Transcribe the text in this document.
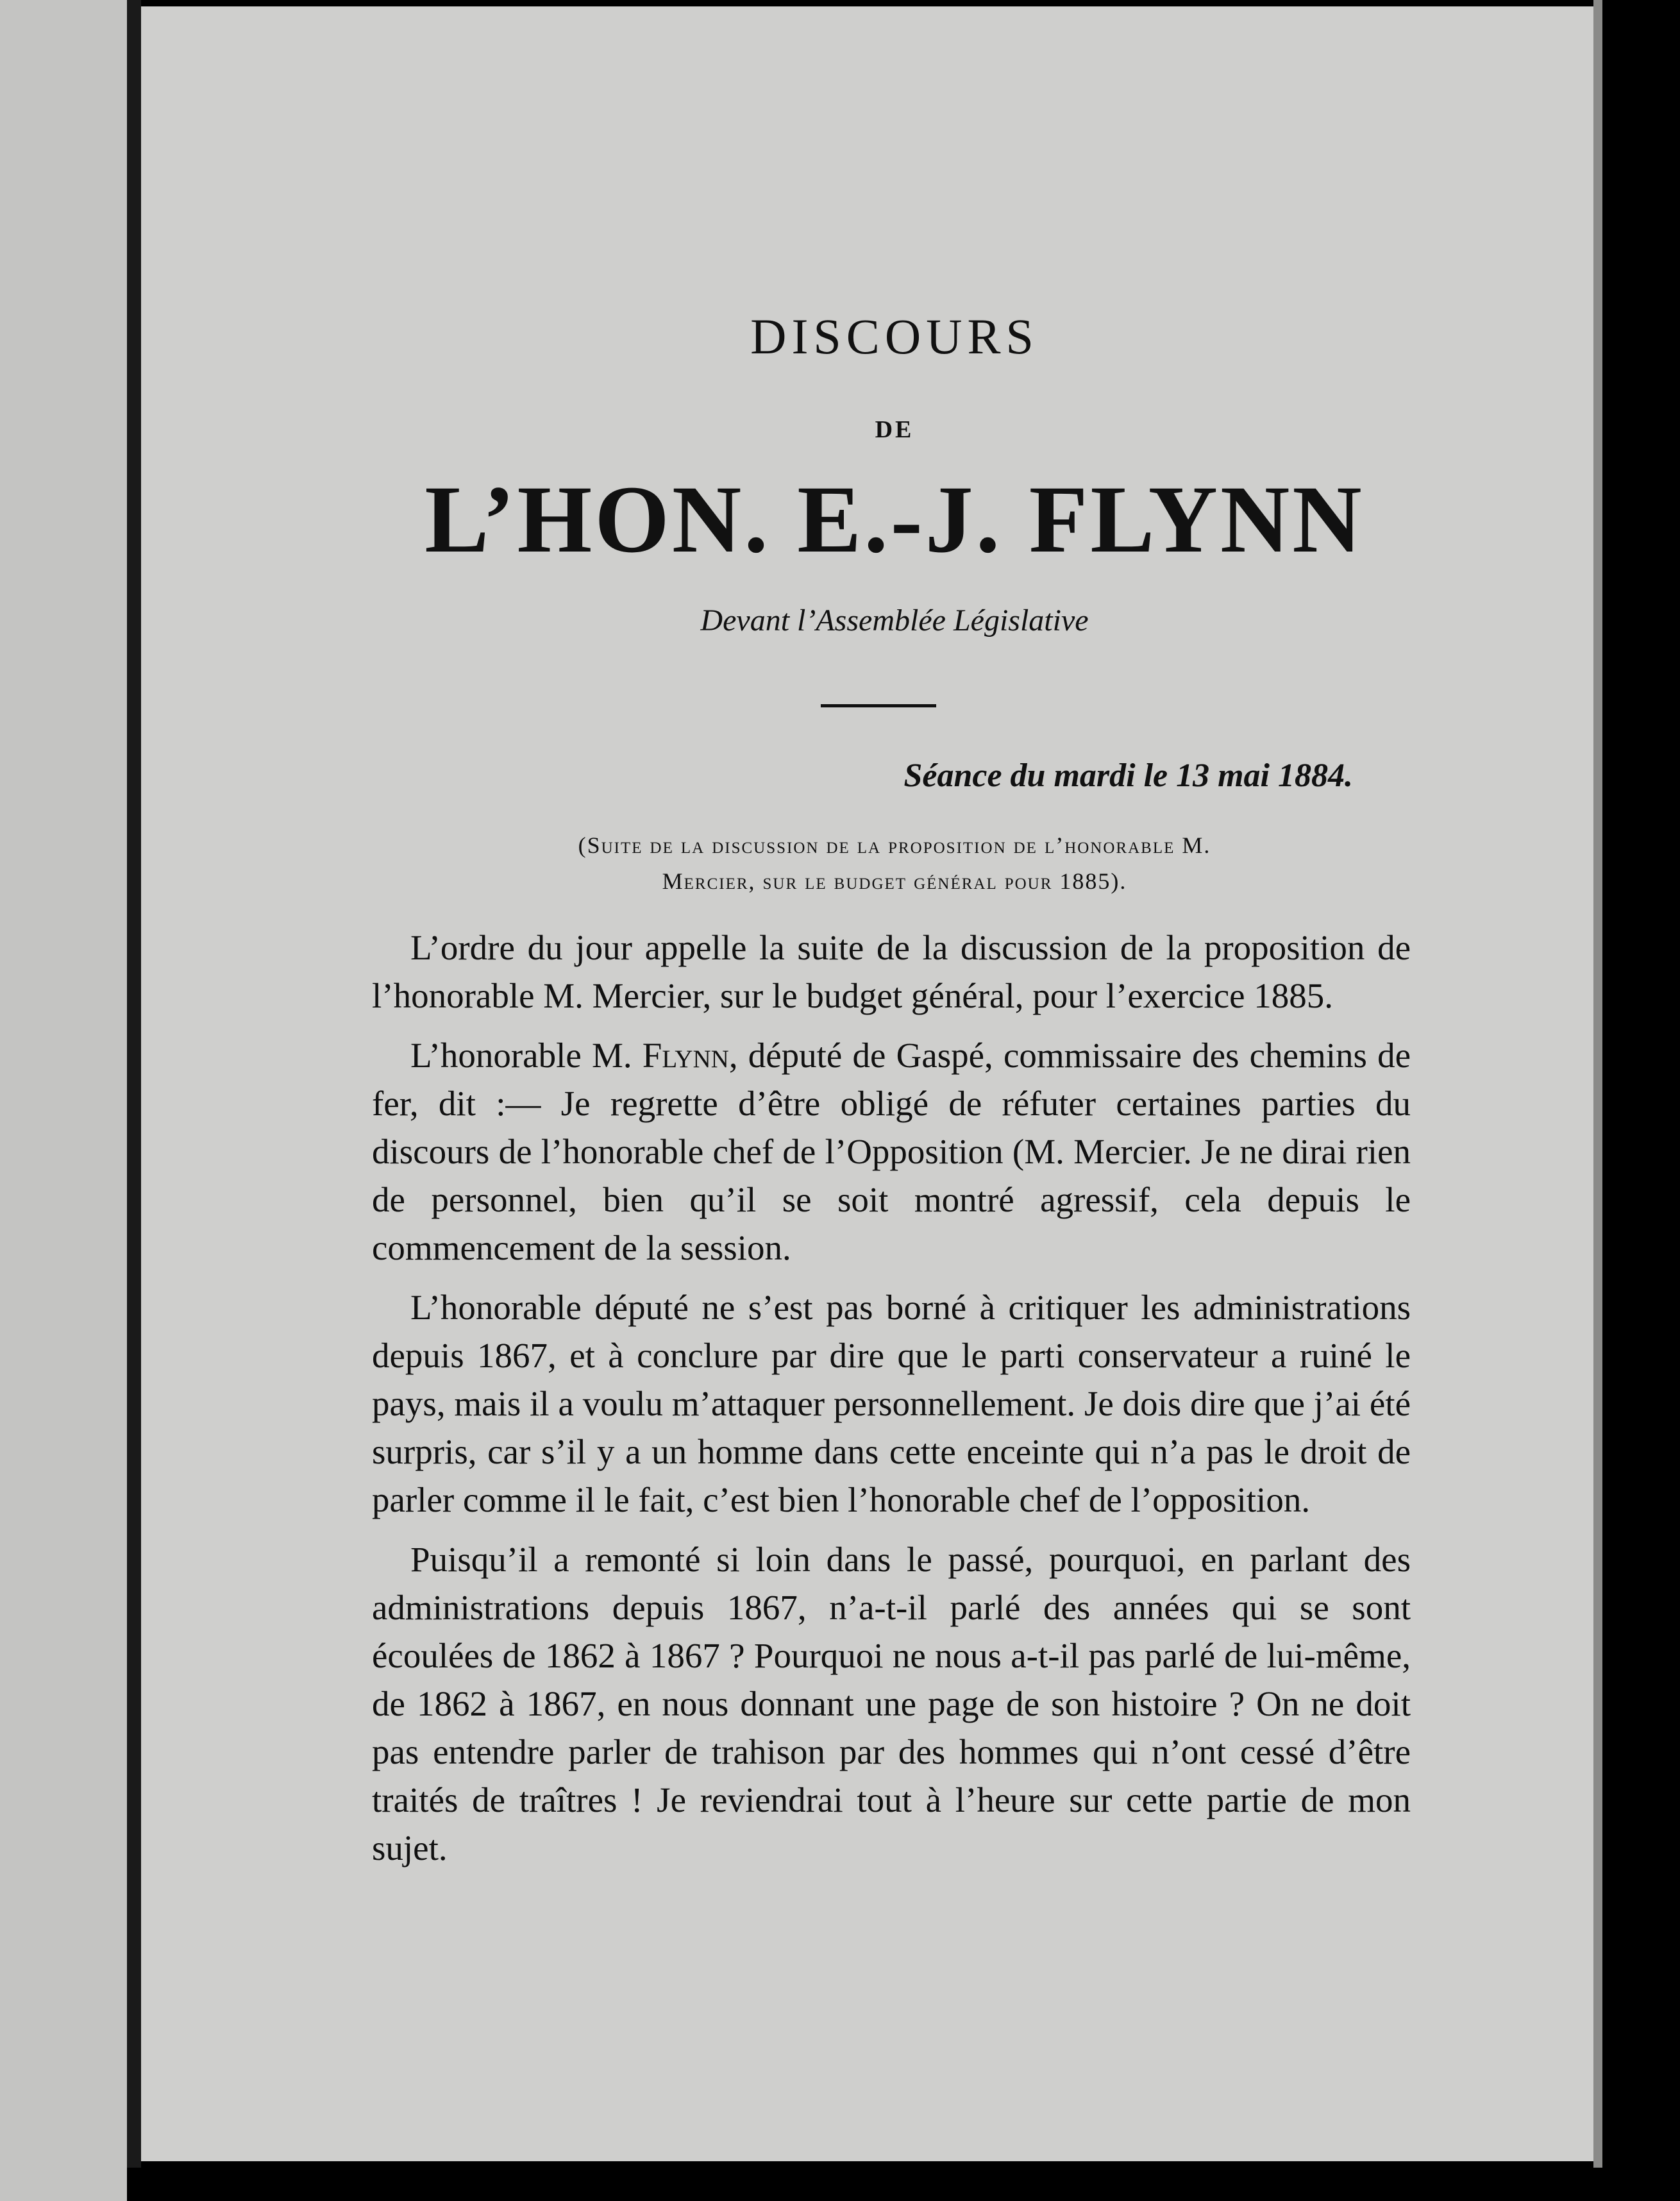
DISCOURS
DE
L’HON. E.-J. FLYNN
Devant l’Assemblée Législative
Séance du mardi le 13 mai 1884.
(Suite de la discussion de la proposition de l’honorable M.
Mercier, sur le budget général pour 1885).

L’ordre du jour appelle la suite de la discussion de la proposition de l’honorable M. Mercier, sur le budget général, pour l’exercice 1885.

L’honorable M. Flynn, député de Gaspé, commissaire des chemins de fer, dit :— Je regrette d’être obligé de réfuter certaines parties du discours de l’honorable chef de l’Opposition (M. Mercier. Je ne dirai rien de personnel, bien qu’il se soit montré agressif, cela depuis le commencement de la session.

L’honorable député ne s’est pas borné à critiquer les administrations depuis 1867, et à conclure par dire que le parti conservateur a ruiné le pays, mais il a voulu m’attaquer personnellement. Je dois dire que j’ai été surpris, car s’il y a un homme dans cette enceinte qui n’a pas le droit de parler comme il le fait, c’est bien l’honorable chef de l’opposition.

Puisqu’il a remonté si loin dans le passé, pourquoi, en parlant des administrations depuis 1867, n’a-t-il parlé des années qui se sont écoulées de 1862 à 1867 ? Pourquoi ne nous a-t-il pas parlé de lui-même, de 1862 à 1867, en nous donnant une page de son histoire ? On ne doit pas entendre parler de trahison par des hommes qui n’ont cessé d’être traités de traîtres ! Je reviendrai tout à l’heure sur cette partie de mon sujet.
